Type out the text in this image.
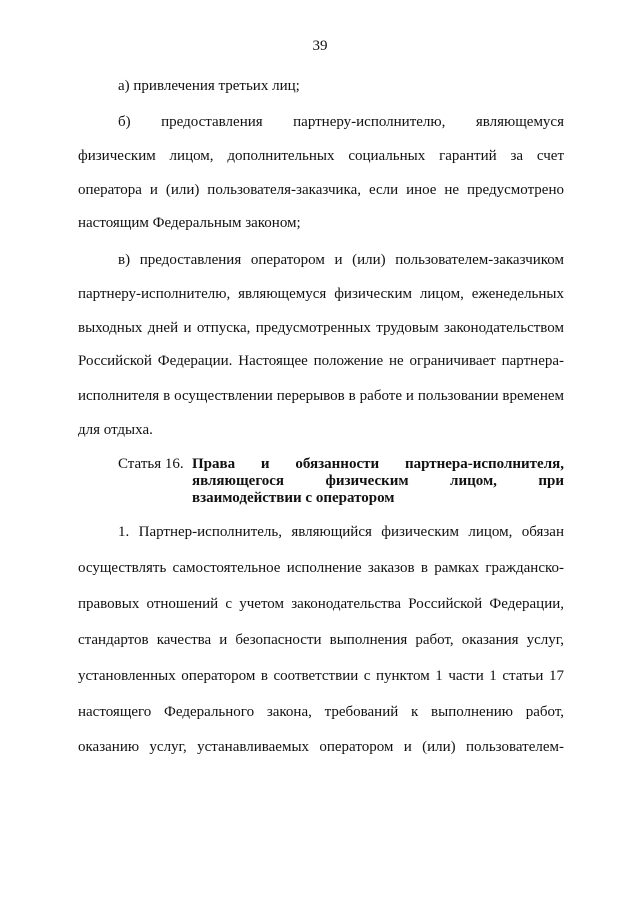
39
а) привлечения третьих лиц;
б) предоставления партнеру-исполнителю, являющемуся
физическим лицом, дополнительных социальных гарантий за счет
оператора и (или) пользователя-заказчика, если иное не предусмотрено
настоящим Федеральным законом;
в) предоставления оператором и (или) пользователем-заказчиком
партнеру-исполнителю, являющемуся физическим лицом, еженедельных
выходных дней и отпуска, предусмотренных трудовым законодательством
Российской Федерации. Настоящее положение не ограничивает партнера-
исполнителя в осуществлении перерывов в работе и пользовании временем
для отдыха.
Статья 16. Права и обязанности партнера-исполнителя,
являющегося физическим лицом, при
взаимодействии с оператором
1. Партнер-исполнитель, являющийся физическим лицом, обязан
осуществлять самостоятельное исполнение заказов в рамках гражданско-
правовых отношений с учетом законодательства Российской Федерации,
стандартов качества и безопасности выполнения работ, оказания услуг,
установленных оператором в соответствии с пунктом 1 части 1 статьи 17
настоящего Федерального закона, требований к выполнению работ,
оказанию услуг, устанавливаемых оператором и (или) пользователем-
